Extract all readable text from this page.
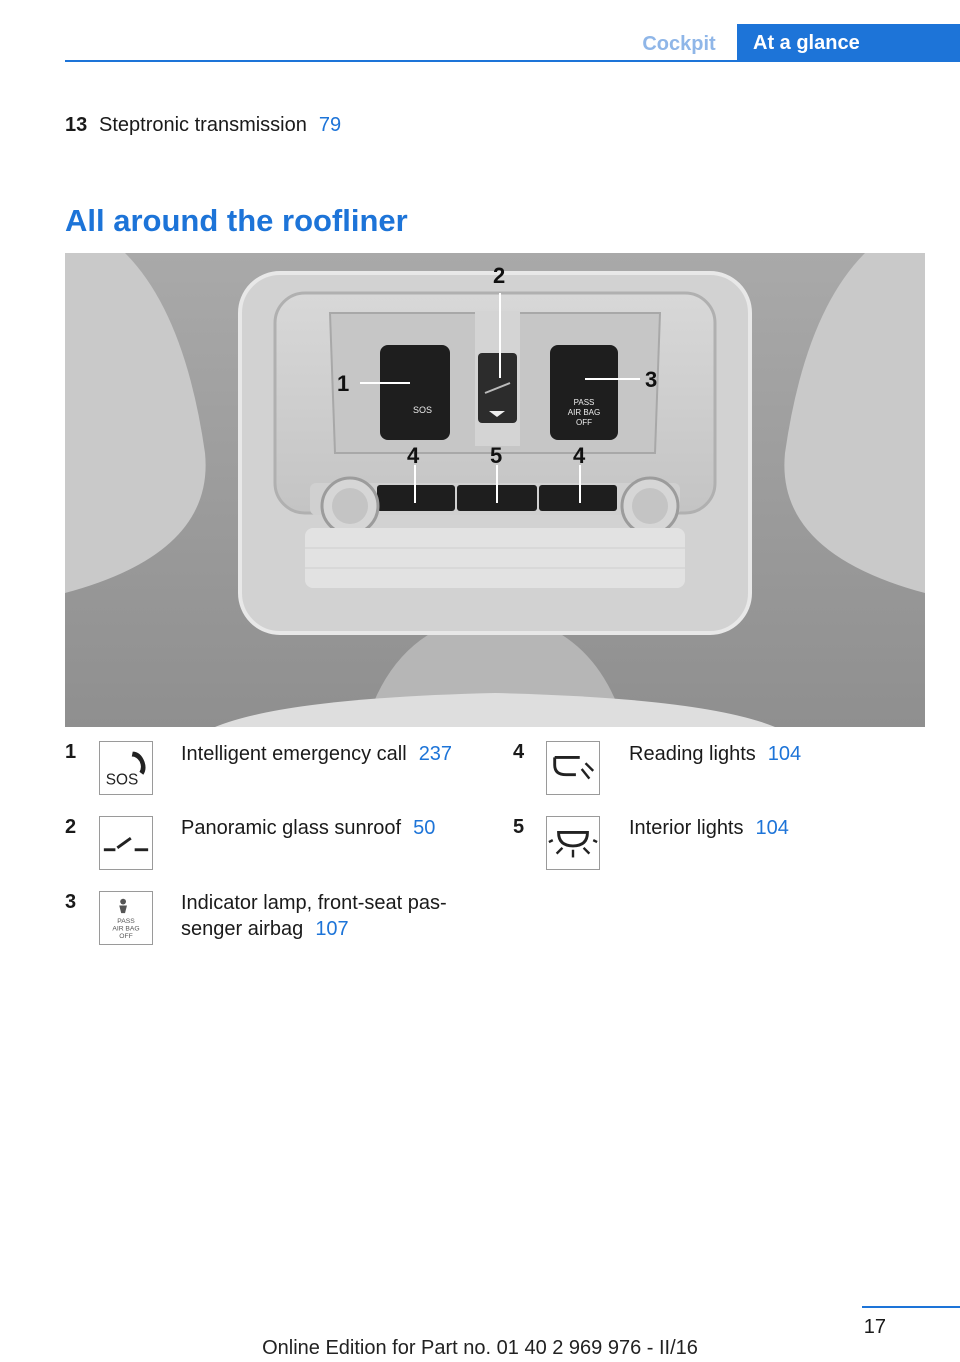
Cockpit	At a glance
13 Steptronic transmission 79
All around the roofliner
SOS
PASS
AIR BAG
OFF
1
2
3
4	5	4
1
SOS
Intelligent emergency call 237
2	Panoramic glass sunroof 50
3
PASS
AIR BAG
OFF
Indicator lamp, front-seat pas‐
senger airbag 107
4	Reading lights 104
5	Interior lights 104
17
Online Edition for Part no. 01 40 2 969 976 - II/16
